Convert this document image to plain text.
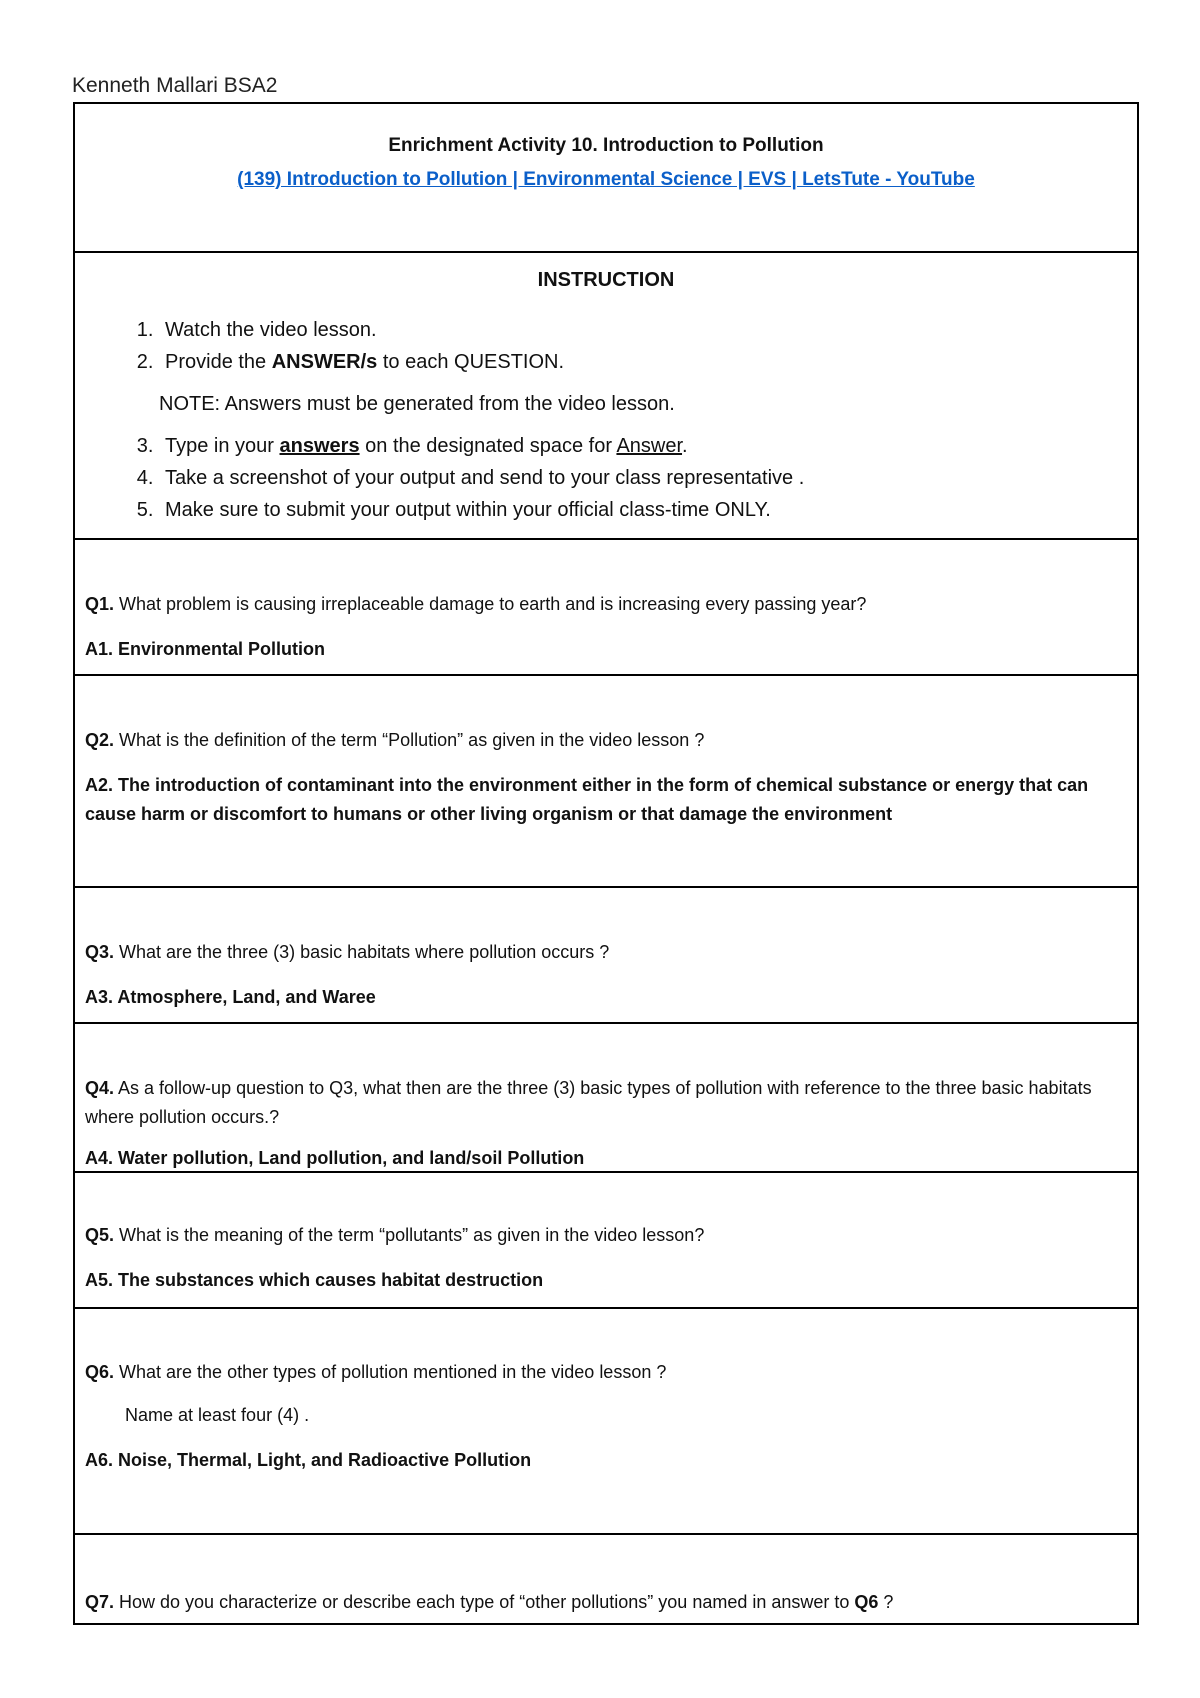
Kenneth Mallari BSA2
Enrichment Activity 10. Introduction to Pollution
(139) Introduction to Pollution | Environmental Science | EVS | LetsTute - YouTube
INSTRUCTION
1. Watch the video lesson.
2. Provide the ANSWER/s to each QUESTION.
NOTE: Answers must be generated from the video lesson.
3. Type in your answers on the designated space for Answer.
4. Take a screenshot of your output and send to your class representative .
5. Make sure to submit your output within your official class-time ONLY.
Q1. What problem is causing irreplaceable damage to earth and is increasing every passing year?
A1. Environmental Pollution
Q2. What is the definition of the term “Pollution” as given in the video lesson ?
A2. The introduction of contaminant into the environment either in the form of chemical substance or energy that can cause harm or discomfort to humans or other living organism or that damage the environment
Q3. What are the three (3) basic habitats where pollution occurs ?
A3. Atmosphere, Land, and Waree
Q4. As a follow-up question to Q3, what then are the three (3) basic types of pollution with reference to the three basic habitats where pollution occurs.?
A4. Water pollution, Land pollution, and land/soil Pollution
Q5. What is the meaning of the term “pollutants” as given in the video lesson?
A5. The substances which causes habitat destruction
Q6. What are the other types of pollution mentioned in the video lesson ?
Name at least four (4) .
A6. Noise, Thermal, Light, and Radioactive Pollution
Q7. How do you characterize or describe each type of “other pollutions” you named in answer to Q6 ?
